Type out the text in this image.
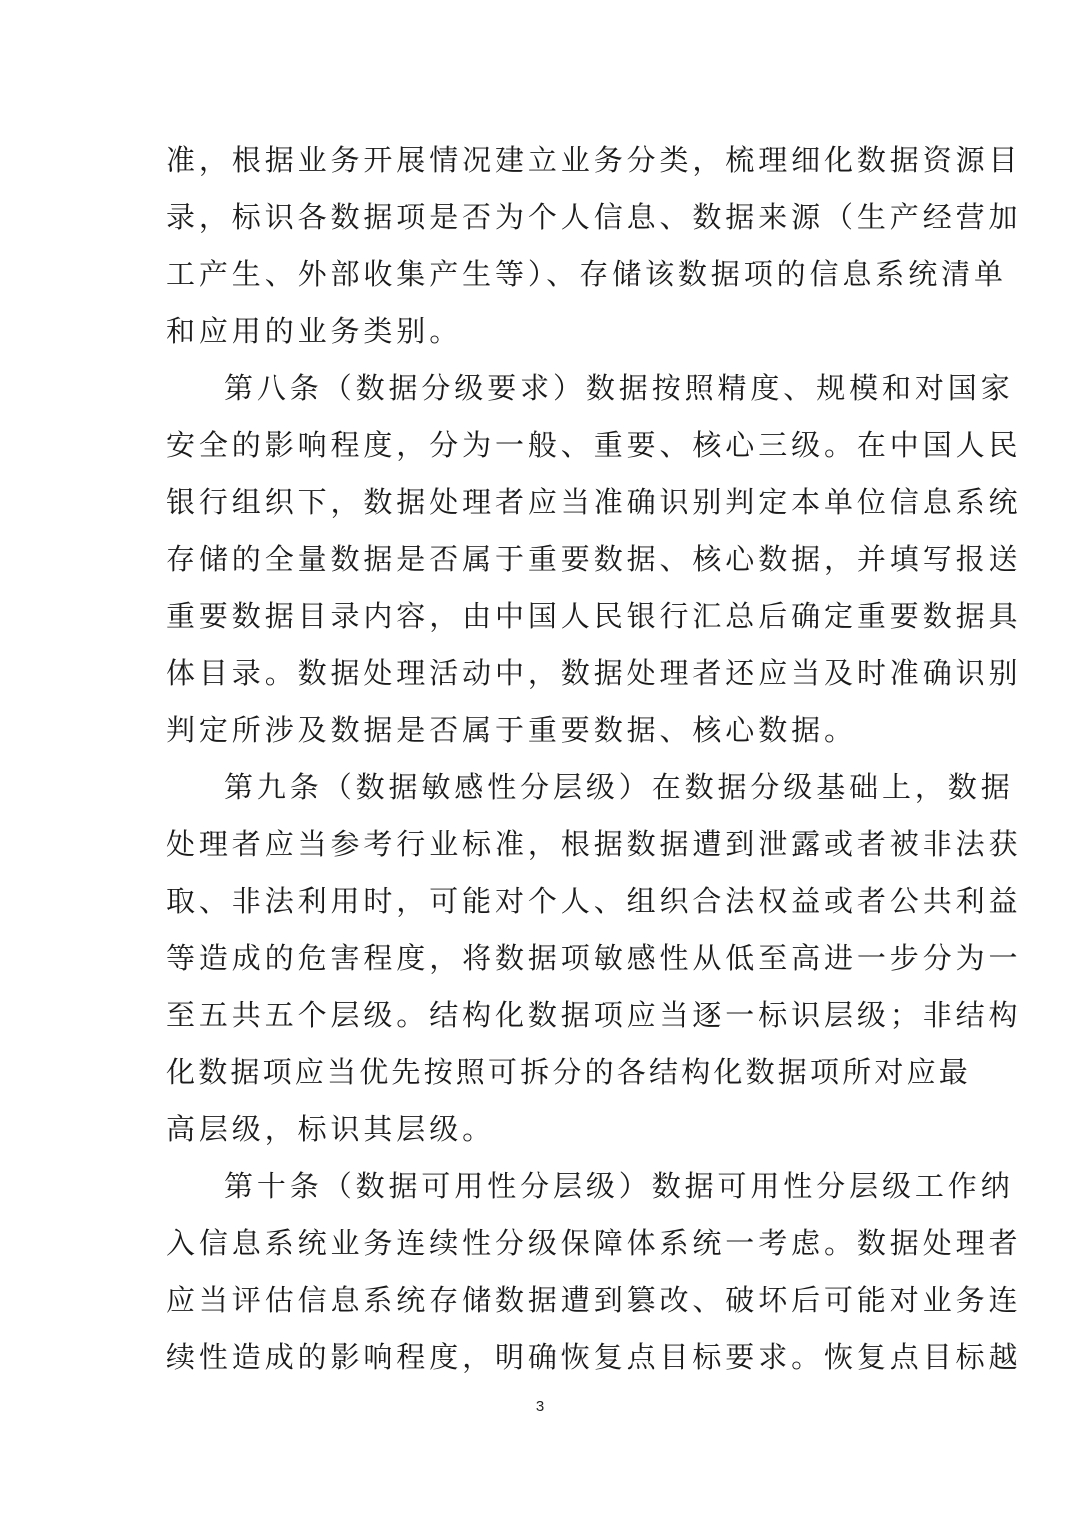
准，根据业务开展情况建立业务分类，梳理细化数据资源目
录，标识各数据项是否为个人信息、数据来源（生产经营加
工产生、外部收集产生等）、存储该数据项的信息系统清单
和应用的业务类别。
第八条（数据分级要求）数据按照精度、规模和对国家
安全的影响程度，分为一般、重要、核心三级。在中国人民
银行组织下，数据处理者应当准确识别判定本单位信息系统
存储的全量数据是否属于重要数据、核心数据，并填写报送
重要数据目录内容，由中国人民银行汇总后确定重要数据具
体目录。数据处理活动中，数据处理者还应当及时准确识别
判定所涉及数据是否属于重要数据、核心数据。
第九条（数据敏感性分层级）在数据分级基础上，数据
处理者应当参考行业标准，根据数据遭到泄露或者被非法获
取、非法利用时，可能对个人、组织合法权益或者公共利益
等造成的危害程度，将数据项敏感性从低至高进一步分为一
至五共五个层级。结构化数据项应当逐一标识层级；非结构
化数据项应当优先按照可拆分的各结构化数据项所对应最
高层级，标识其层级。
第十条（数据可用性分层级）数据可用性分层级工作纳
入信息系统业务连续性分级保障体系统一考虑。数据处理者
应当评估信息系统存储数据遭到篡改、破坏后可能对业务连
续性造成的影响程度，明确恢复点目标要求。恢复点目标越
3
